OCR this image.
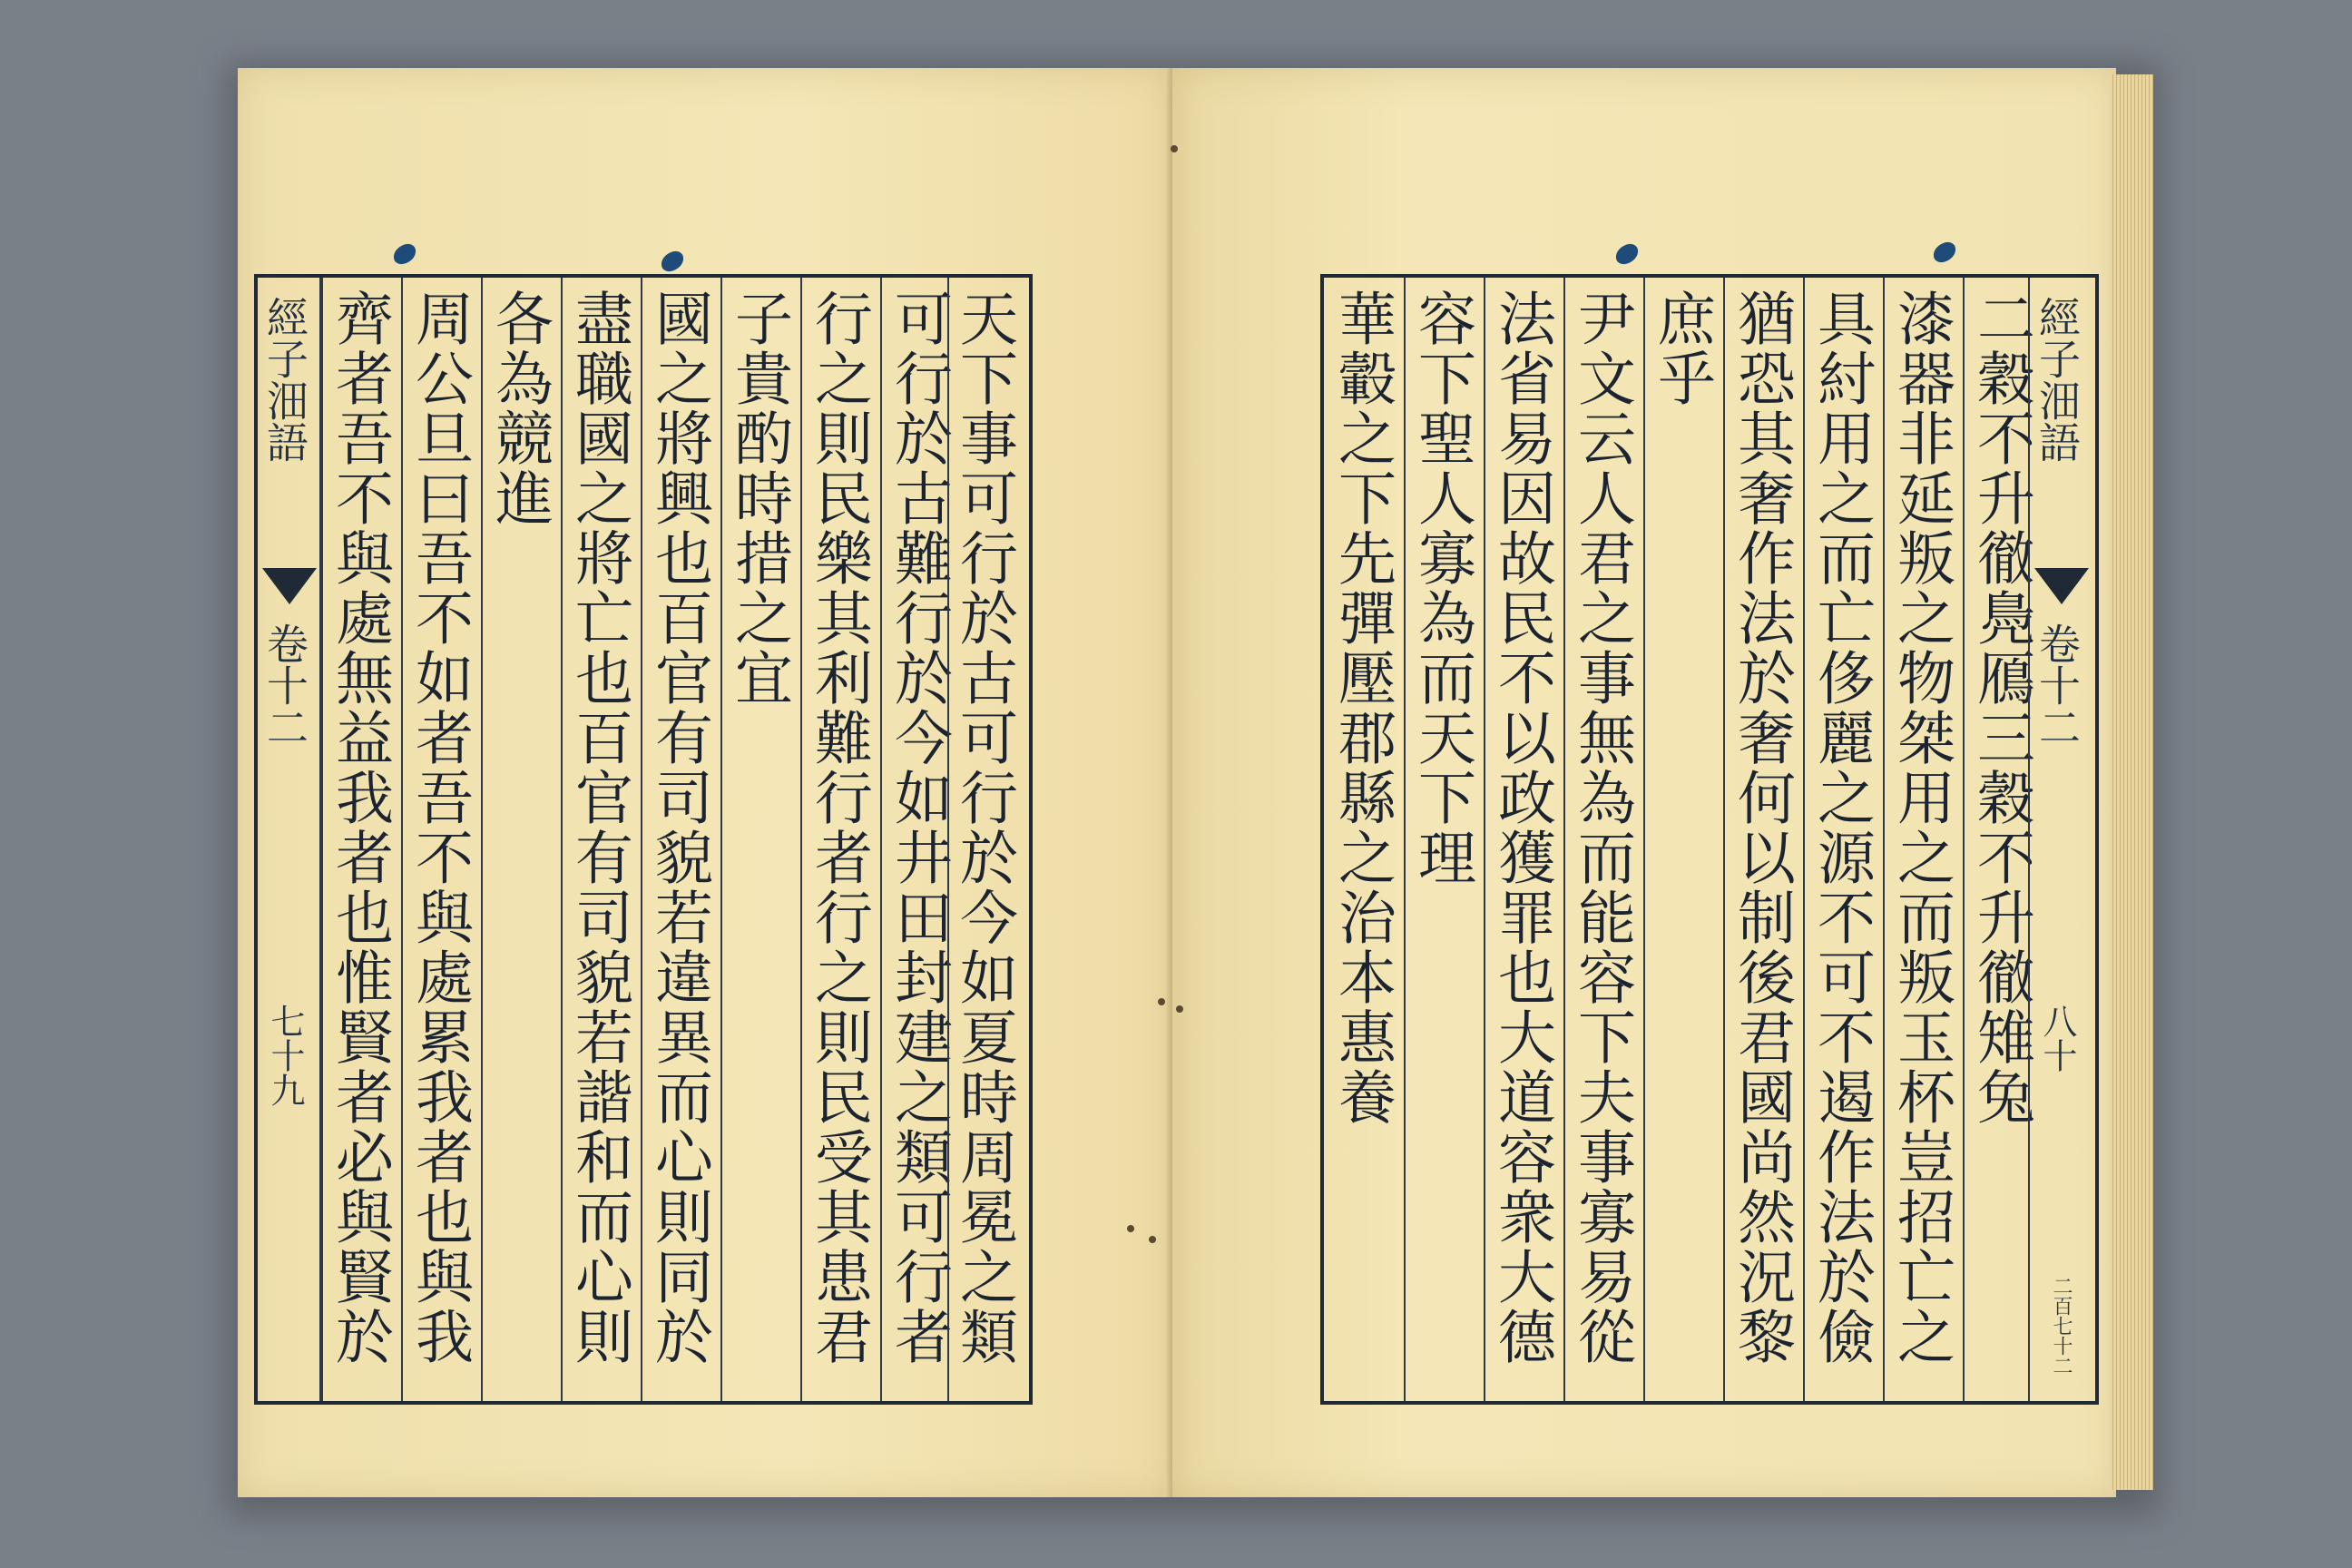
經子沺語
卷十二
七十九 齊者吾不與處無益我者也惟賢者必與賢於 周公旦曰吾不如者吾不與處累我者也與我 各為競進 盡職國之將亡也百官有司貌若諧和而心則 國之將興也百官有司貌若違異而心則同於 子貴酌時措之宜 行之則民樂其利難行者行之則民受其患君 可行於古難行於今如井田封建之類可行者
天下事可行於古可行於今如夏時周冕之類	華轂之下先彈壓郡縣之治本惠養 容下聖人寡為而天下理 法省易因故民不以政獲罪也大道容衆大德 尹文云人君之事無為而能容下夫事寡易從 庶乎 猶恐其奢作法於奢何以制後君國尚然況黎 具紂用之而亡侈麗之源不可不遏作法於儉 漆器非延叛之物桀用之而叛玉杯豈招亡之 二穀不升徹鳧鴈三穀不升徹雉兔
經子沺語
卷十二
八十
二百七十二
